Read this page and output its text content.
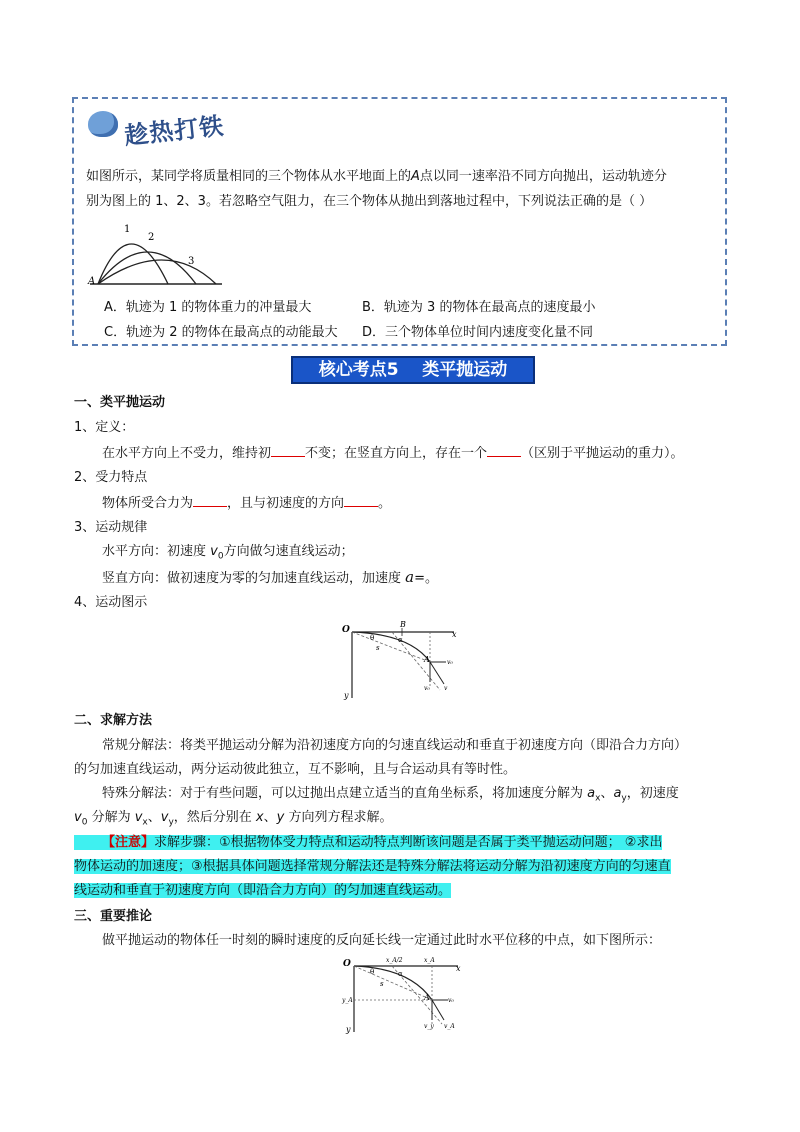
趁热打铁
如图所示，某同学将质量相同的三个物体从水平地面上的A点以同一速率沿不同方向抛出，运动轨迹分
别为图上的 1、2、3。若忽略空气阻力，在三个物体从抛出到落地过程中，下列说法正确的是（ ）
A
1
2
3
A．轨迹为 1 的物体重力的冲量最大	B．轨迹为 3 的物体在最高点的速度最小
C．轨迹为 2 的物体在最高点的动能最大 D．三个物体单位时间内速度变化量不同
核心考点5    类平抛运动
一、类平抛运动
1、定义：
在水平方向上不受力，维持初	不变；在竖直方向上，存在一个	（区别于平抛运动的重力）。
2、受力特点
物体所受合力为	，且与初速度的方向	。
3、运动规律
水平方向：初速度 $v_0$方向做匀速直线运动；
竖直方向：做初速度为零的匀加速直线运动，加速度 a=。
4、运动图示
O
B
x
y
A
α
θ
s
v₀
v₀ v
二、求解方法
常规分解法：将类平抛运动分解为沿初速度方向的匀速直线运动和垂直于初速度方向（即沿合力方向）
的匀加速直线运动，两分运动彼此独立，互不影响，且与合运动具有等时性。
特殊分解法：对于有些问题，可以过抛出点建立适当的直角坐标系，将加速度分解为 $a_x$、$a_y$，初速度
$v_0$ 分解为 $v_x$、$v_y$，然后分别在 x、y 方向列方程求解。
【注意】求解步骤：①根据物体受力特点和运动特点判断该问题是否属于类平抛运动问题； ②求出
物体运动的加速度；③根据具体问题选择常规分解法还是特殊分解法将运动分解为沿初速度方向的匀速直
线运动和垂直于初速度方向（即沿合力方向）的匀加速直线运动。
三、重要推论
做平抛运动的物体任一时刻的瞬时速度的反向延长线一定通过此时水平位移的中点，如下图所示：
O	x_A/2	x_A
x
y
y_A	A
s
θ	α
v₀
v_y v_A
